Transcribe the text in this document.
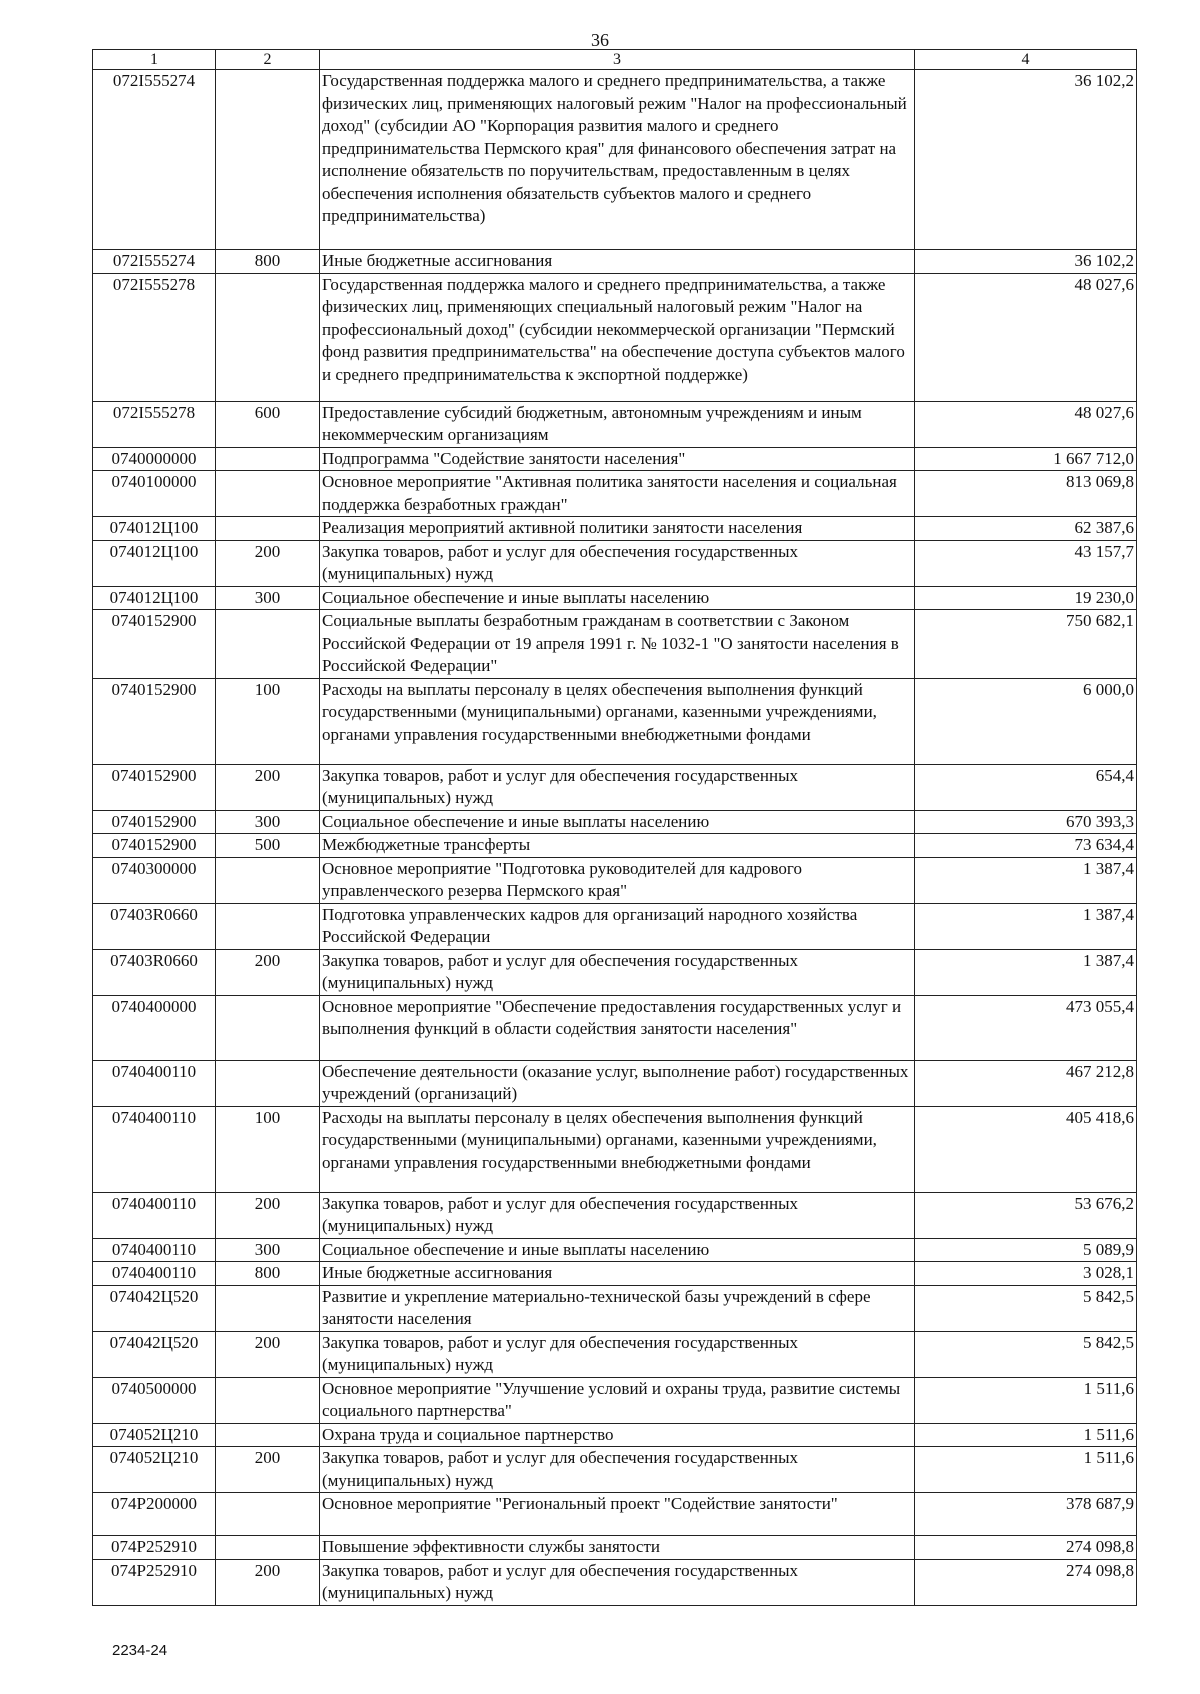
36
1	2	3	4
072I555274		Государственная поддержка малого и среднего предпринимательства, а также физических лиц, применяющих налоговый режим "Налог на профессиональный доход" (субсидии АО "Корпорация развития малого и среднего предпринимательства Пермского края" для финансового обеспечения затрат на исполнение обязательств по поручительствам, предоставленным в целях обеспечения исполнения обязательств субъектов малого и среднего предпринимательства)	36 102,2
072I555274	800	Иные бюджетные ассигнования	36 102,2
072I555278		Государственная поддержка малого и среднего предпринимательства, а также физических лиц, применяющих специальный налоговый режим "Налог на профессиональный доход" (субсидии некоммерческой организации "Пермский фонд развития предпринимательства" на обеспечение доступа субъектов малого и среднего предпринимательства к экспортной поддержке)	48 027,6
072I555278	600	Предоставление субсидий бюджетным, автономным учреждениям и иным некоммерческим организациям	48 027,6
0740000000		Подпрограмма "Содействие занятости населения"	1 667 712,0
0740100000		Основное мероприятие "Активная политика занятости населения и социальная поддержка безработных граждан"	813 069,8
074012Ц100		Реализация мероприятий активной политики занятости населения	62 387,6
074012Ц100	200	Закупка товаров, работ и услуг для обеспечения государственных (муниципальных) нужд	43 157,7
074012Ц100	300	Социальное обеспечение и иные выплаты населению	19 230,0
0740152900		Социальные выплаты безработным гражданам в соответствии с Законом Российской Федерации от 19 апреля 1991 г. № 1032-1 "О занятости населения в Российской Федерации"	750 682,1
0740152900	100	Расходы на выплаты персоналу в целях обеспечения выполнения функций государственными (муниципальными) органами, казенными учреждениями, органами управления государственными внебюджетными фондами	6 000,0
0740152900	200	Закупка товаров, работ и услуг для обеспечения государственных (муниципальных) нужд	654,4
0740152900	300	Социальное обеспечение и иные выплаты населению	670 393,3
0740152900	500	Межбюджетные трансферты	73 634,4
0740300000		Основное мероприятие "Подготовка руководителей для кадрового управленческого резерва Пермского края"	1 387,4
07403R0660		Подготовка управленческих кадров для организаций народного хозяйства Российской Федерации	1 387,4
07403R0660	200	Закупка товаров, работ и услуг для обеспечения государственных (муниципальных) нужд	1 387,4
0740400000		Основное мероприятие "Обеспечение предоставления государственных услуг и выполнения функций в области содействия занятости населения"	473 055,4
0740400110		Обеспечение деятельности (оказание услуг, выполнение работ) государственных учреждений (организаций)	467 212,8
0740400110	100	Расходы на выплаты персоналу в целях обеспечения выполнения функций государственными (муниципальными) органами, казенными учреждениями, органами управления государственными внебюджетными фондами	405 418,6
0740400110	200	Закупка товаров, работ и услуг для обеспечения государственных (муниципальных) нужд	53 676,2
0740400110	300	Социальное обеспечение и иные выплаты населению	5 089,9
0740400110	800	Иные бюджетные ассигнования	3 028,1
074042Ц520		Развитие и укрепление материально-технической базы учреждений в сфере занятости населения	5 842,5
074042Ц520	200	Закупка товаров, работ и услуг для обеспечения государственных (муниципальных) нужд	5 842,5
0740500000		Основное мероприятие "Улучшение условий и охраны труда, развитие системы социального партнерства"	1 511,6
074052Ц210		Охрана труда и социальное партнерство	1 511,6
074052Ц210	200	Закупка товаров, работ и услуг для обеспечения государственных (муниципальных) нужд	1 511,6
074P200000		Основное мероприятие "Региональный проект "Содействие занятости"	378 687,9
074P252910		Повышение эффективности службы занятости	274 098,8
074P252910	200	Закупка товаров, работ и услуг для обеспечения государственных (муниципальных) нужд	274 098,8
2234-24
